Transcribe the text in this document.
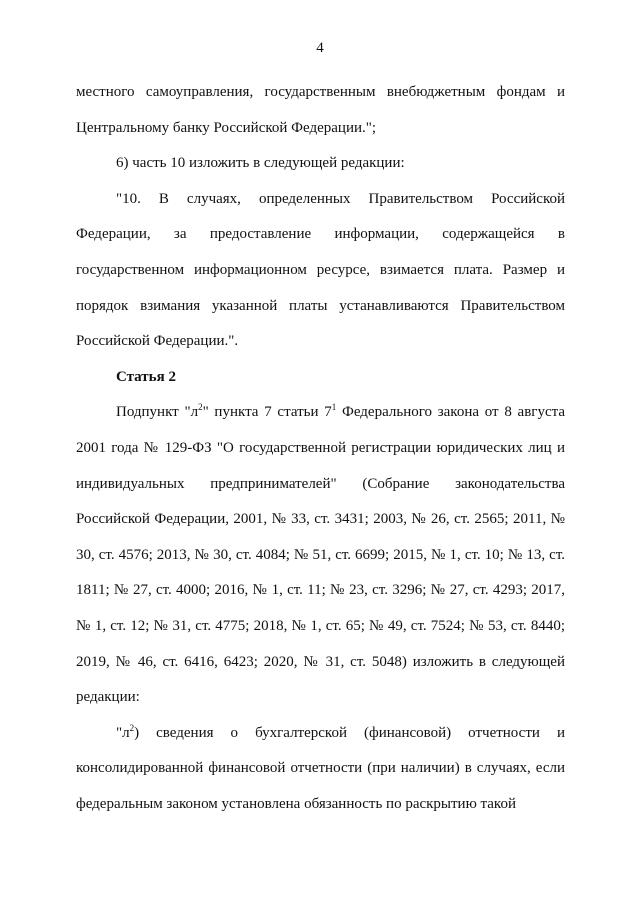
4

местного самоуправления, государственным внебюджетным фондам и Центральному банку Российской Федерации.";

6) часть 10 изложить в следующей редакции:

"10. В случаях, определенных Правительством Российской Федерации, за предоставление информации, содержащейся в государственном информационном ресурсе, взимается плата. Размер и порядок взимания указанной платы устанавливаются Правительством Российской Федерации.".

Статья 2

Подпункт "$л^2$" пункта 7 статьи $7^1$ Федерального закона от 8 августа 2001 года № 129-ФЗ "О государственной регистрации юридических лиц и индивидуальных предпринимателей" (Собрание законодательства Российской Федерации, 2001, № 33, ст. 3431; 2003, № 26, ст. 2565; 2011, № 30, ст. 4576; 2013, № 30, ст. 4084; № 51, ст. 6699; 2015, № 1, ст. 10; № 13, ст. 1811; № 27, ст. 4000; 2016, № 1, ст. 11; № 23, ст. 3296; № 27, ст. 4293; 2017, № 1, ст. 12; № 31, ст. 4775; 2018, № 1, ст. 65; № 49, ст. 7524; № 53, ст. 8440; 2019, № 46, ст. 6416, 6423; 2020, № 31, ст. 5048) изложить в следующей редакции:

"$л^2$) сведения о бухгалтерской (финансовой) отчетности и консолидированной финансовой отчетности (при наличии) в случаях, если федеральным законом установлена обязанность по раскрытию такой
